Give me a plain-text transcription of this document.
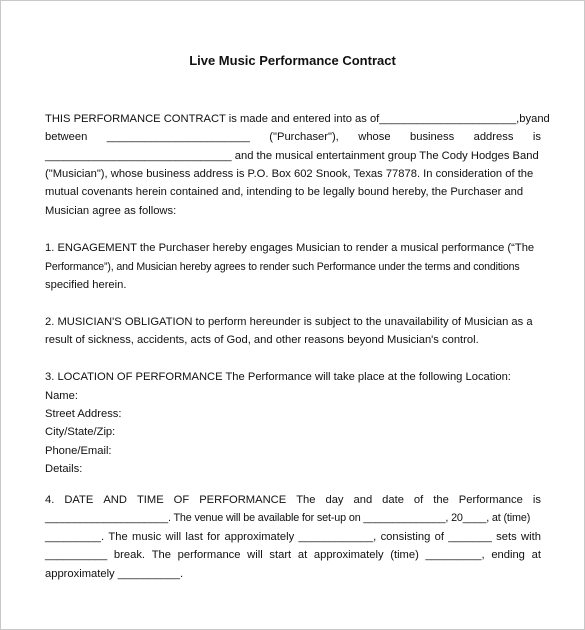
Live Music Performance Contract
THIS PERFORMANCE CONTRACT is made and entered into as of ______________________, by and
between _______________________ ("Purchaser"), whose business address is
______________________________ and the musical entertainment group The Cody Hodges Band
("Musician"), whose business address is P.O. Box 602 Snook, Texas 77878. In consideration of the
mutual covenants herein contained and, intending to be legally bound hereby, the Purchaser and
Musician agree as follows:
1. ENGAGEMENT the Purchaser hereby engages Musician to render a musical performance (“The
Performance”), and Musician hereby agrees to render such Performance under the terms and conditions
specified herein.
2. MUSICIAN'S OBLIGATION to perform hereunder is subject to the unavailability of Musician as a
result of sickness, accidents, acts of God, and other reasons beyond Musician's control.
3. LOCATION OF PERFORMANCE The Performance will take place at the following Location:
Name:
Street Address:
City/State/Zip:
Phone/Email:
Details:
4. DATE AND TIME OF PERFORMANCE The day and date of the Performance is
_____________________. The venue will be available for set-up on ______________, 20____, at (time)
_________. The music will last for approximately ____________, consisting of _______ sets with
__________ break. The performance will start at approximately (time) _________, ending at
approximately __________.
